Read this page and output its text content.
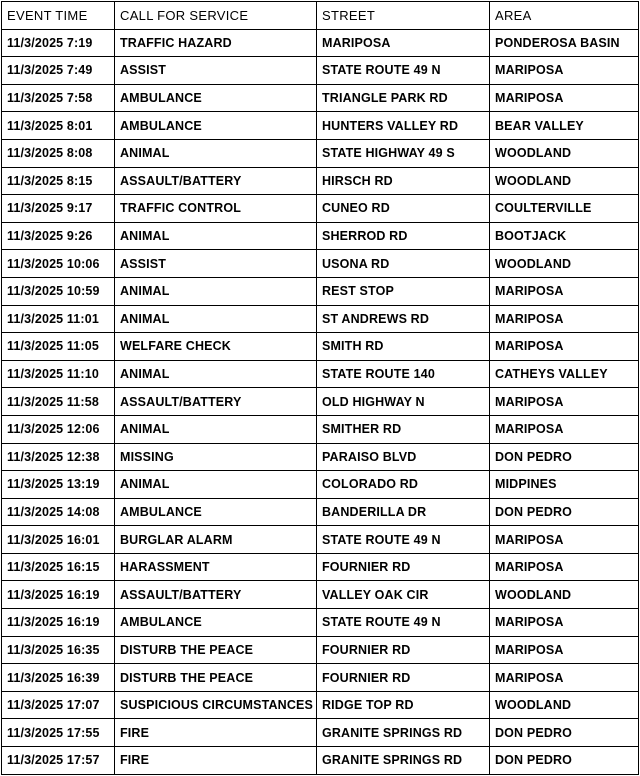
EVENT TIME	CALL FOR SERVICE	STREET	AREA
11/3/2025 7:19	TRAFFIC HAZARD	MARIPOSA	PONDEROSA BASIN
11/3/2025 7:49	ASSIST	STATE ROUTE 49 N	MARIPOSA
11/3/2025 7:58	AMBULANCE	TRIANGLE PARK RD	MARIPOSA
11/3/2025 8:01	AMBULANCE	HUNTERS VALLEY RD	BEAR VALLEY
11/3/2025 8:08	ANIMAL	STATE HIGHWAY 49 S	WOODLAND
11/3/2025 8:15	ASSAULT/BATTERY	HIRSCH RD	WOODLAND
11/3/2025 9:17	TRAFFIC CONTROL	CUNEO RD	COULTERVILLE
11/3/2025 9:26	ANIMAL	SHERROD RD	BOOTJACK
11/3/2025 10:06	ASSIST	USONA RD	WOODLAND
11/3/2025 10:59	ANIMAL	REST STOP	MARIPOSA
11/3/2025 11:01	ANIMAL	ST ANDREWS RD	MARIPOSA
11/3/2025 11:05	WELFARE CHECK	SMITH RD	MARIPOSA
11/3/2025 11:10	ANIMAL	STATE ROUTE 140	CATHEYS VALLEY
11/3/2025 11:58	ASSAULT/BATTERY	OLD HIGHWAY N	MARIPOSA
11/3/2025 12:06	ANIMAL	SMITHER RD	MARIPOSA
11/3/2025 12:38	MISSING	PARAISO BLVD	DON PEDRO
11/3/2025 13:19	ANIMAL	COLORADO RD	MIDPINES
11/3/2025 14:08	AMBULANCE	BANDERILLA DR	DON PEDRO
11/3/2025 16:01	BURGLAR ALARM	STATE ROUTE 49 N	MARIPOSA
11/3/2025 16:15	HARASSMENT	FOURNIER RD	MARIPOSA
11/3/2025 16:19	ASSAULT/BATTERY	VALLEY OAK CIR	WOODLAND
11/3/2025 16:19	AMBULANCE	STATE ROUTE 49 N	MARIPOSA
11/3/2025 16:35	DISTURB THE PEACE	FOURNIER RD	MARIPOSA
11/3/2025 16:39	DISTURB THE PEACE	FOURNIER RD	MARIPOSA
11/3/2025 17:07	SUSPICIOUS CIRCUMSTANCES	RIDGE TOP RD	WOODLAND
11/3/2025 17:55	FIRE	GRANITE SPRINGS RD	DON PEDRO
11/3/2025 17:57	FIRE	GRANITE SPRINGS RD	DON PEDRO
